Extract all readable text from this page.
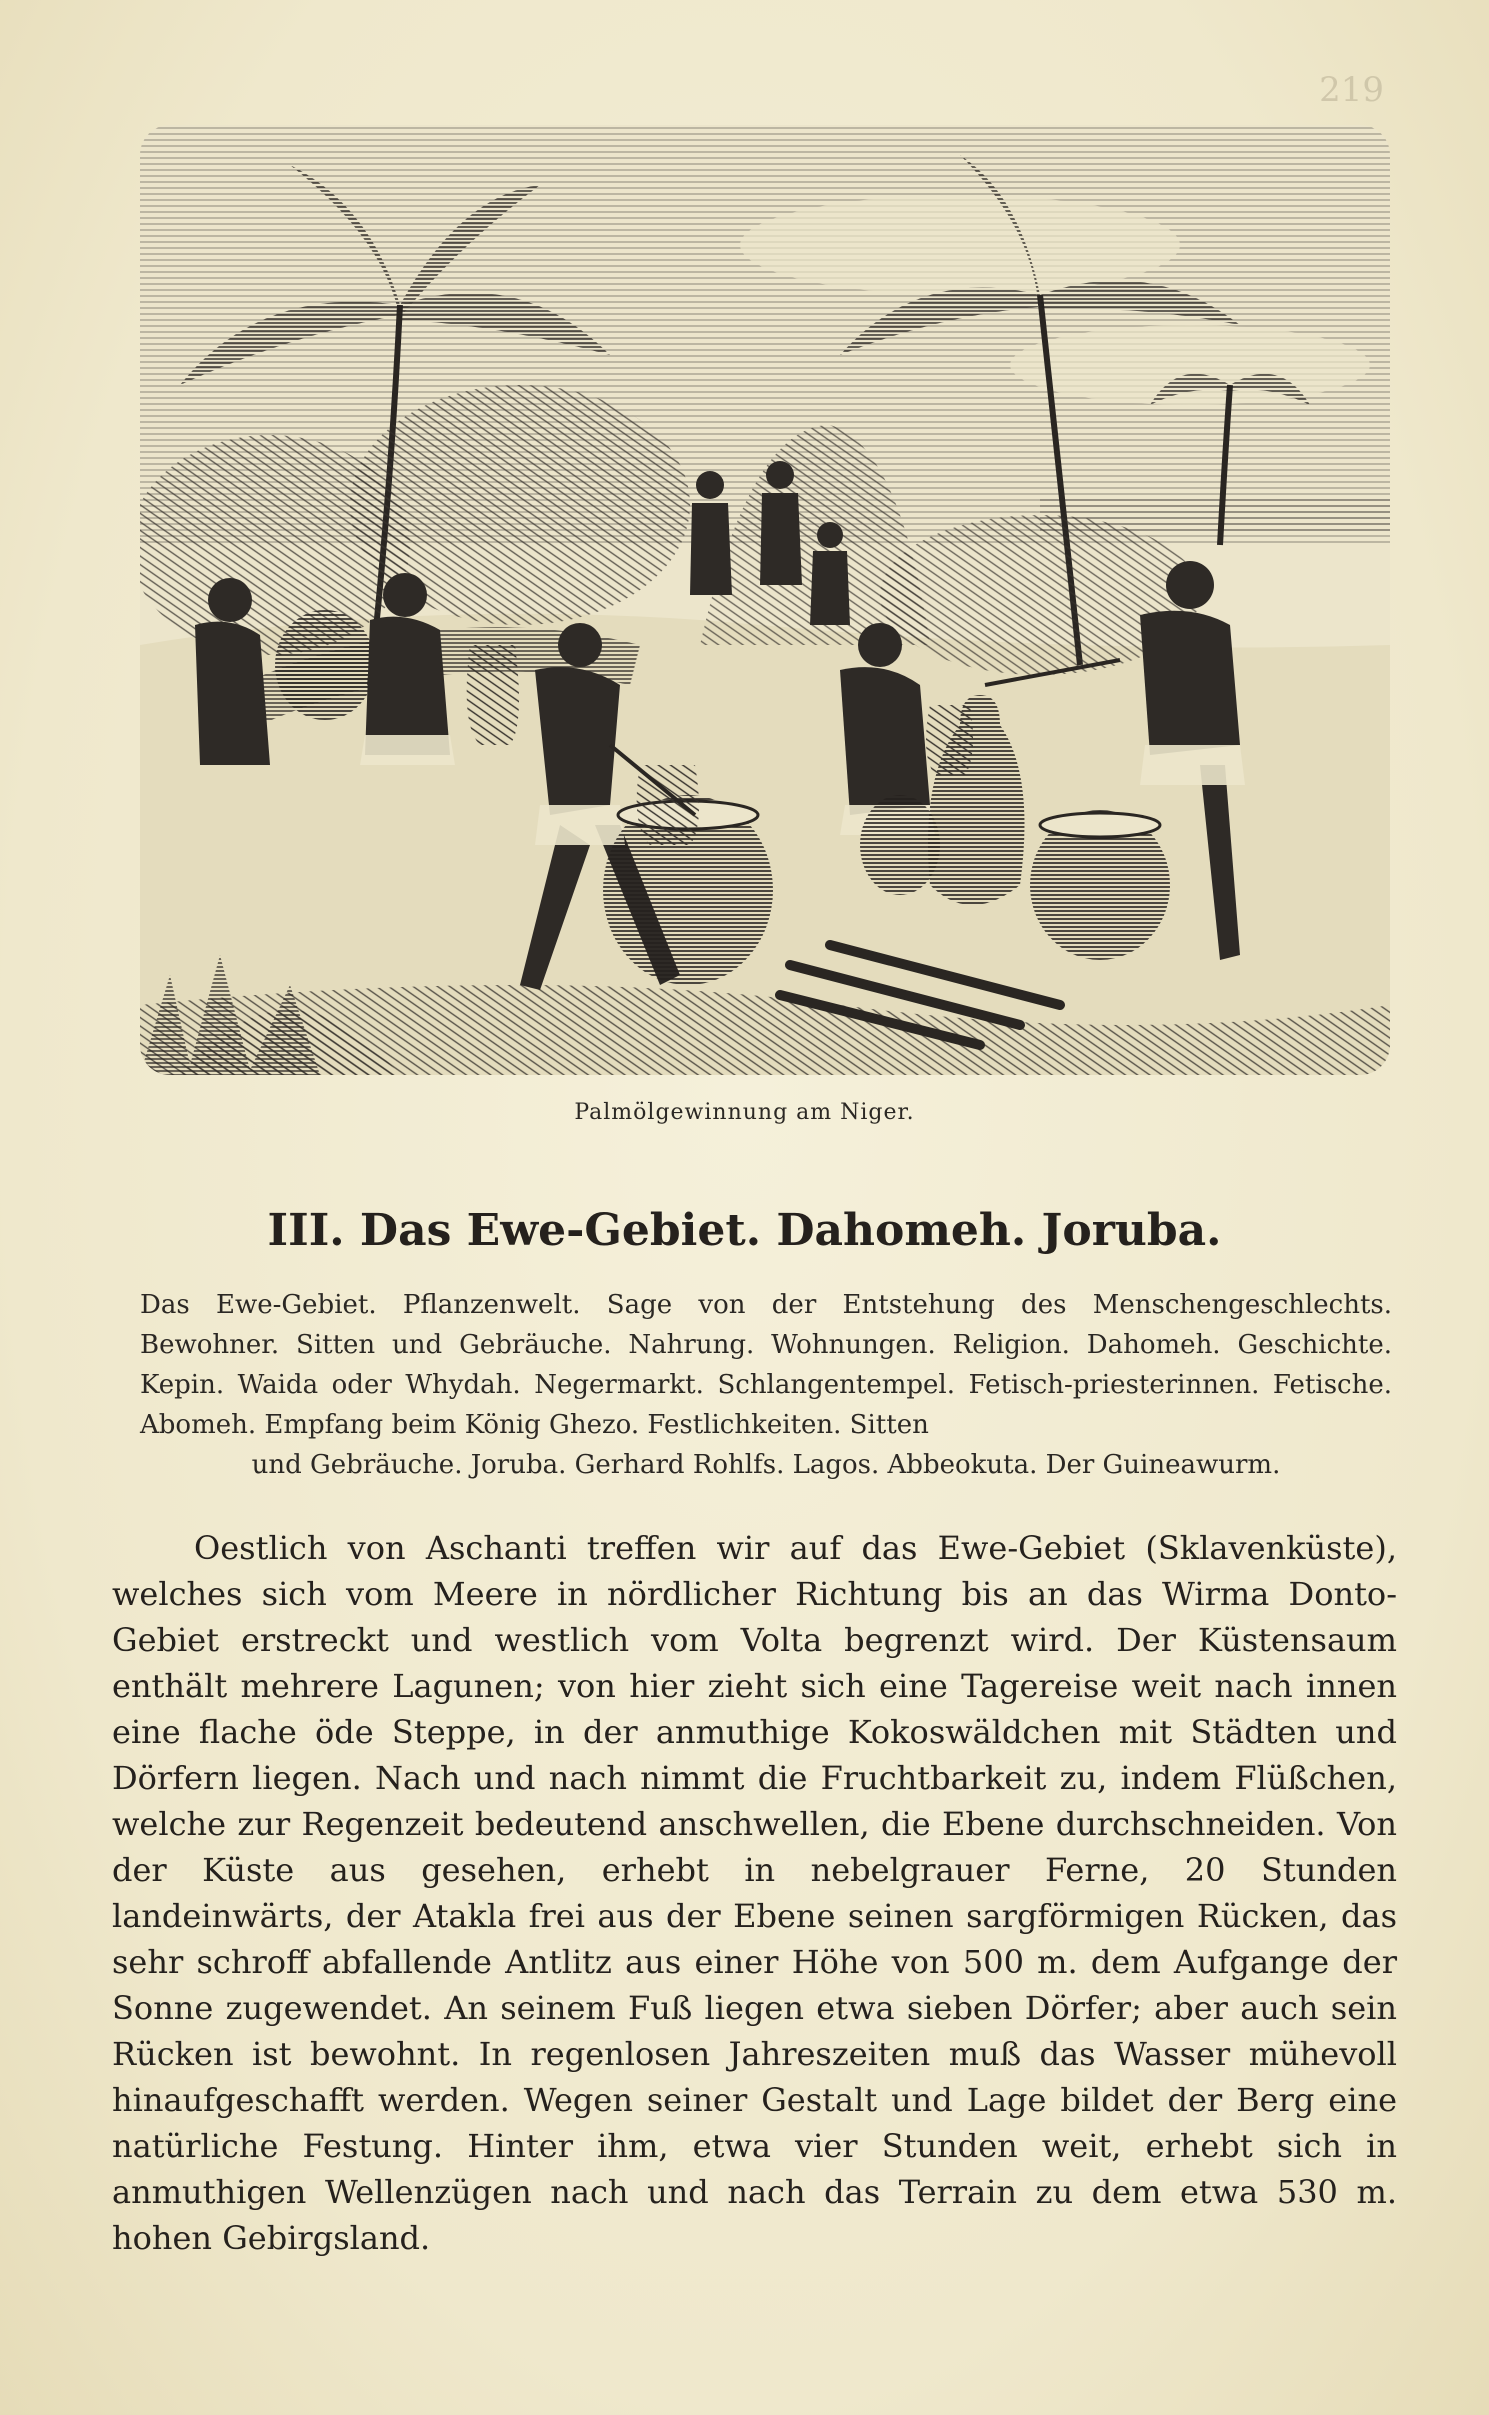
219
Palmölgewinnung am Niger.
III. Das Ewe-Gebiet. Dahomeh. Joruba.
Das Ewe-Gebiet. Pflanzenwelt. Sage von der Entstehung des Menschengeschlechts. Bewohner. Sitten und Gebräuche. Nahrung. Wohnungen. Religion. Dahomeh. Geschichte. Kepin. Waida oder Whydah. Negermarkt. Schlangentempel. Fetisch-priesterinnen. Fetische. Abomeh. Empfang beim König Ghezo. Festlichkeiten. Sitten
und Gebräuche. Joruba. Gerhard Rohlfs. Lagos. Abbeokuta. Der Guineawurm.
Oestlich von Aschanti treffen wir auf das Ewe-Gebiet (Sklavenküste), welches sich vom Meere in nördlicher Richtung bis an das Wirma Donto-Gebiet erstreckt und westlich vom Volta begrenzt wird. Der Küstensaum enthält mehrere Lagunen; von hier zieht sich eine Tagereise weit nach innen eine flache öde Steppe, in der anmuthige Kokoswäldchen mit Städten und Dörfern liegen. Nach und nach nimmt die Fruchtbarkeit zu, indem Flüßchen, welche zur Regenzeit bedeutend anschwellen, die Ebene durchschneiden. Von der Küste aus gesehen, erhebt in nebelgrauer Ferne, 20 Stunden landeinwärts, der Atakla frei aus der Ebene seinen sargförmigen Rücken, das sehr schroff abfallende Antlitz aus einer Höhe von 500 m. dem Aufgange der Sonne zugewendet. An seinem Fuß liegen etwa sieben Dörfer; aber auch sein Rücken ist bewohnt. In regenlosen Jahreszeiten muß das Wasser mühevoll hinaufgeschafft werden. Wegen seiner Gestalt und Lage bildet der Berg eine natürliche Festung. Hinter ihm, etwa vier Stunden weit, erhebt sich in anmuthigen Wellenzügen nach und nach das Terrain zu dem etwa 530 m. hohen Gebirgsland.
